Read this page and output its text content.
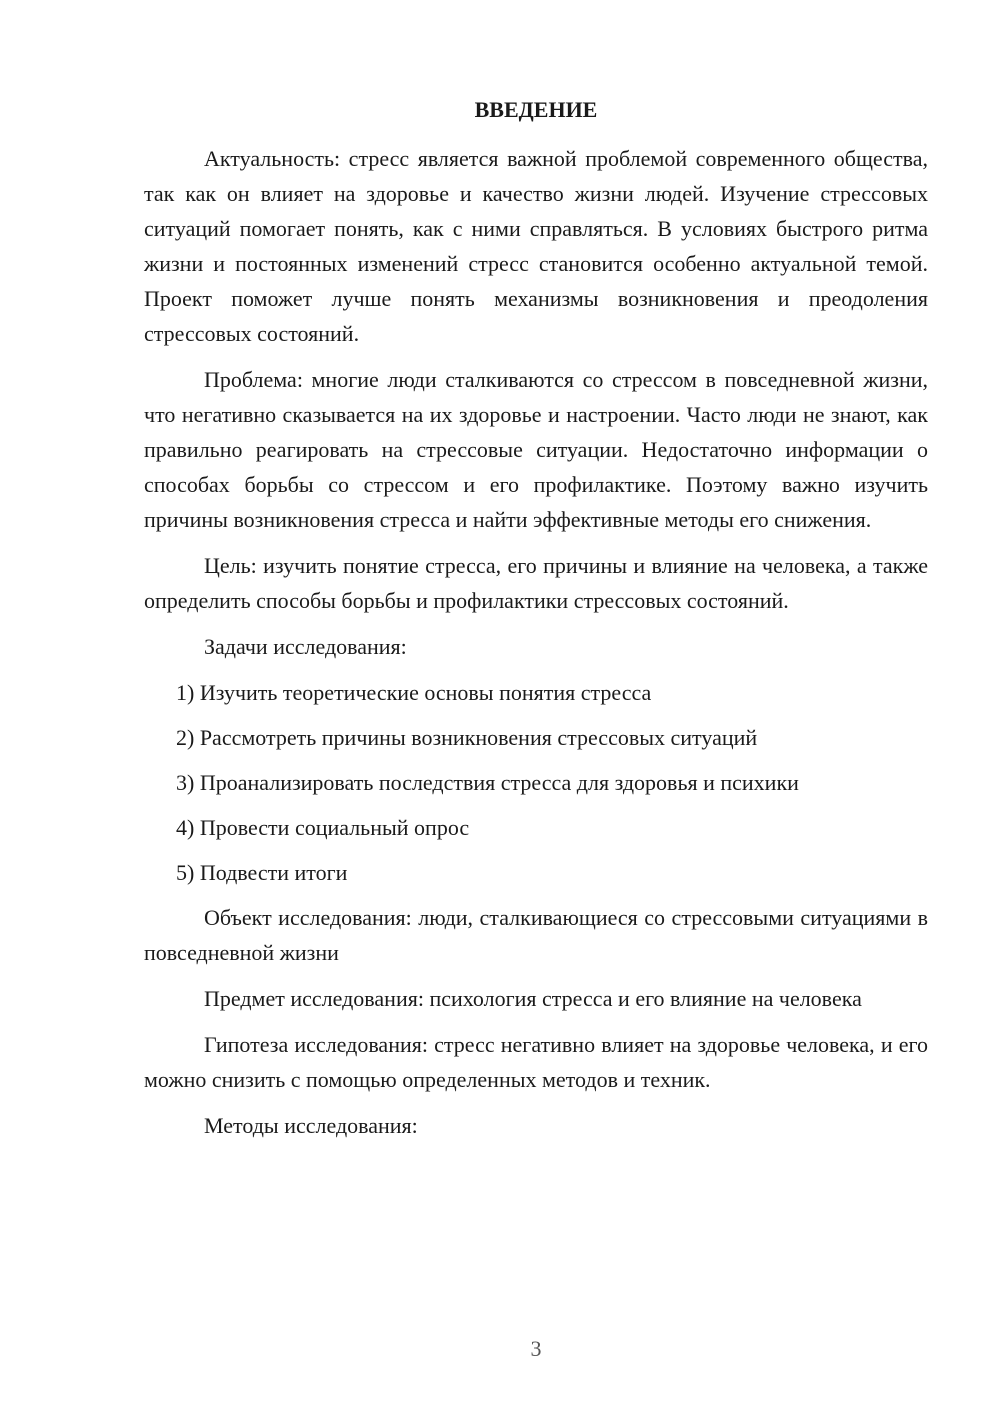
ВВЕДЕНИЕ

Актуальность: стресс является важной проблемой современного общества, так как он влияет на здоровье и качество жизни людей. Изучение стрессовых ситуаций помогает понять, как с ними справляться. В условиях быстрого ритма жизни и постоянных изменений стресс становится особенно актуальной темой. Проект поможет лучше понять механизмы возникновения и преодоления стрессовых состояний.

Проблема: многие люди сталкиваются со стрессом в повседневной жизни, что негативно сказывается на их здоровье и настроении. Часто люди не знают, как правильно реагировать на стрессовые ситуации. Недостаточно информации о способах борьбы со стрессом и его профилактике. Поэтому важно изучить причины возникновения стресса и найти эффективные методы его снижения.

Цель: изучить понятие стресса, его причины и влияние на человека, а также определить способы борьбы и профилактики стрессовых состояний.

Задачи исследования:

1) Изучить теоретические основы понятия стресса
2) Рассмотреть причины возникновения стрессовых ситуаций
3) Проанализировать последствия стресса для здоровья и психики
4) Провести социальный опрос
5) Подвести итоги

Объект исследования: люди, сталкивающиеся со стрессовыми ситуациями в повседневной жизни

Предмет исследования: психология стресса и его влияние на человека

Гипотеза исследования: стресс негативно влияет на здоровье человека, и его можно снизить с помощью определенных методов и техник.

Методы исследования:

3
